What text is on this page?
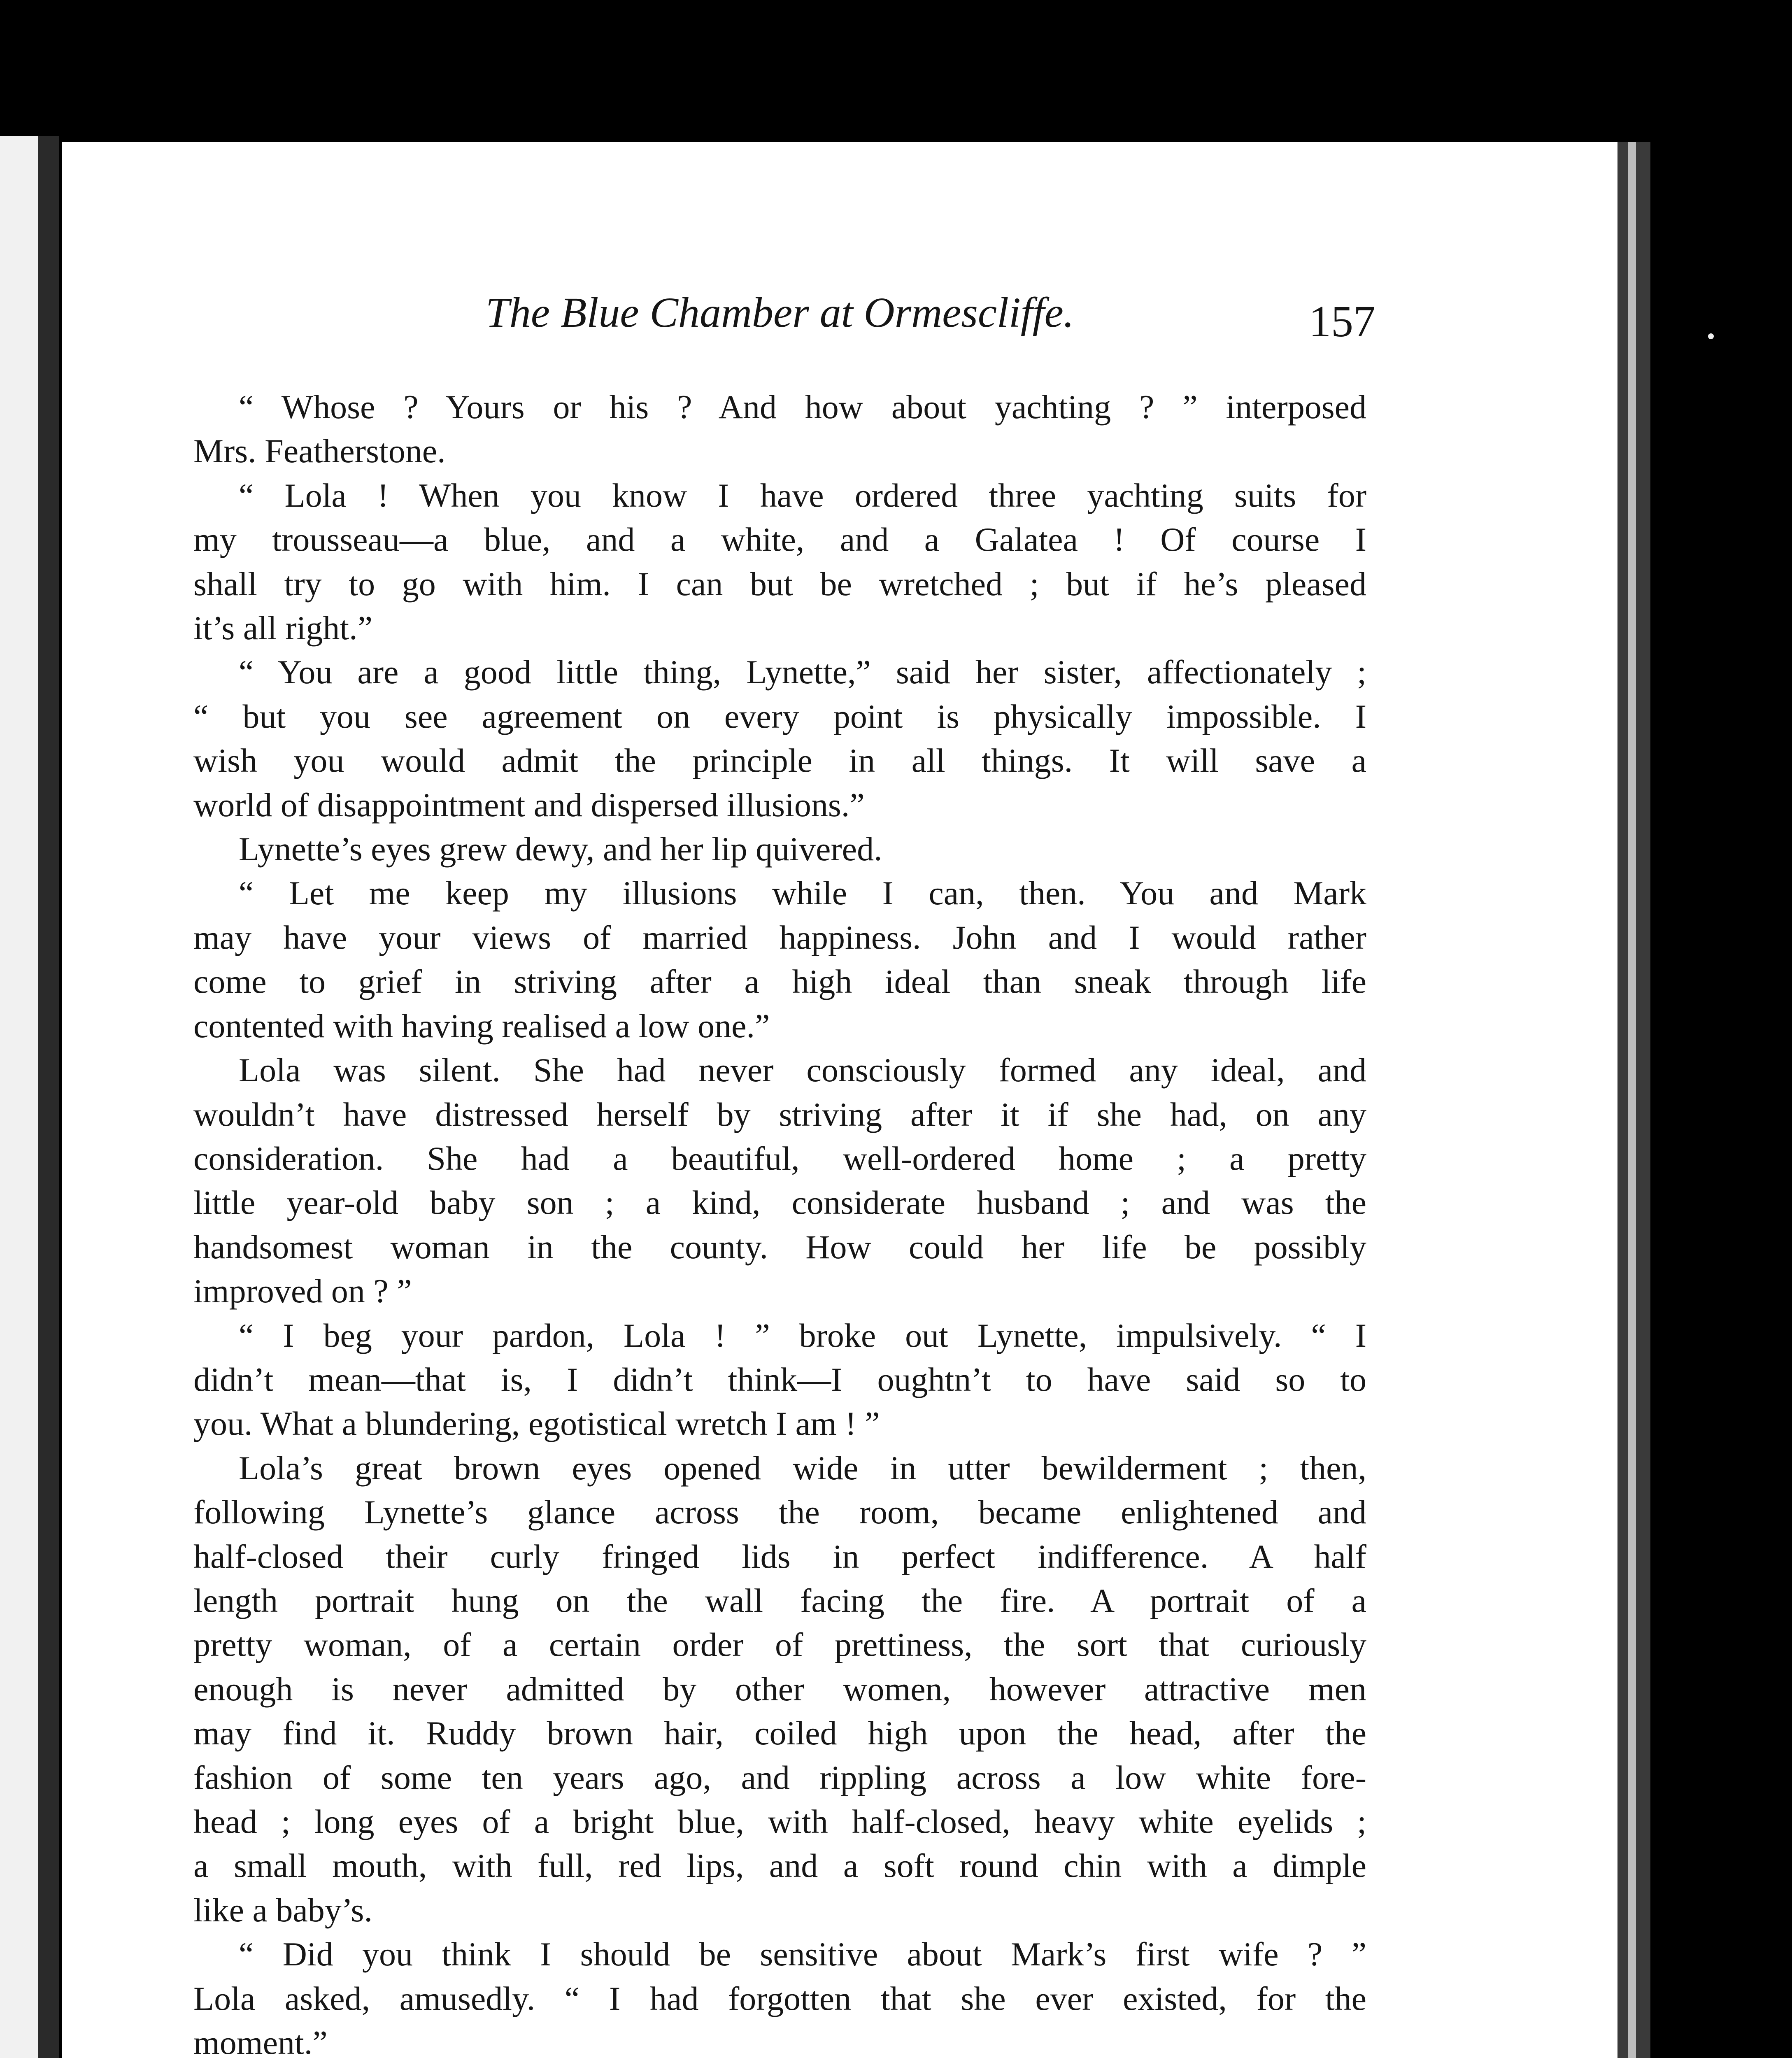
The Blue Chamber at Ormescliffe.	157
“ Whose ? Yours or his ? And how about yachting ? ” interposed
Mrs. Featherstone.
“ Lola ! When you know I have ordered three yachting suits for
my trousseau—a blue, and a white, and a Galatea ! Of course I
shall try to go with him. I can but be wretched ; but if he’s pleased
it’s all right.”
“ You are a good little thing, Lynette,” said her sister, affectionately ;
“ but you see agreement on every point is physically impossible. I
wish you would admit the principle in all things. It will save a
world of disappointment and dispersed illusions.”
Lynette’s eyes grew dewy, and her lip quivered.
“ Let me keep my illusions while I can, then. You and Mark
may have your views of married happiness. John and I would rather
come to grief in striving after a high ideal than sneak through life
contented with having realised a low one.”
Lola was silent. She had never consciously formed any ideal, and
wouldn’t have distressed herself by striving after it if she had, on any
consideration. She had a beautiful, well-ordered home ; a pretty
little year-old baby son ; a kind, considerate husband ; and was the
handsomest woman in the county. How could her life be possibly
improved on ? ”
“ I beg your pardon, Lola ! ” broke out Lynette, impulsively. “ I
didn’t mean—that is, I didn’t think—I oughtn’t to have said so to
you. What a blundering, egotistical wretch I am ! ”
Lola’s great brown eyes opened wide in utter bewilderment ; then,
following Lynette’s glance across the room, became enlightened and
half-closed their curly fringed lids in perfect indifference. A half
length portrait hung on the wall facing the fire. A portrait of a
pretty woman, of a certain order of prettiness, the sort that curiously
enough is never admitted by other women, however attractive men
may find it. Ruddy brown hair, coiled high upon the head, after the
fashion of some ten years ago, and rippling across a low white fore-
head ; long eyes of a bright blue, with half-closed, heavy white eyelids ;
a small mouth, with full, red lips, and a soft round chin with a dimple
like a baby’s.
“ Did you think I should be sensitive about Mark’s first wife ? ”
Lola asked, amusedly. “ I had forgotten that she ever existed, for the
moment.”
